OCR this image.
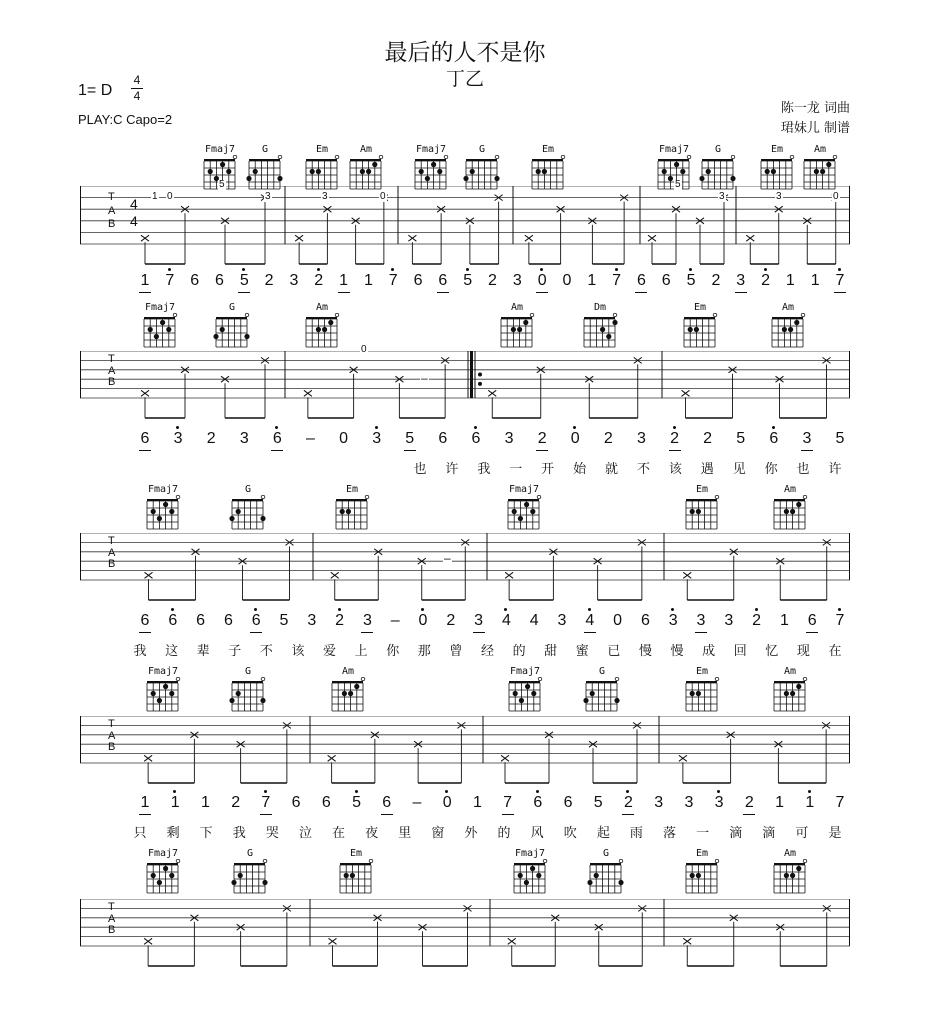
最后的人不是你
丁乙
1= D
4
4
PLAY:C Capo=2
陈一龙 词曲
珺妹儿 制谱
Fmaj7	G	Em	Am	Fmaj7	G	Em	Fmaj7	G	Em	Am
T
A
B
4
4
1 0
5
3	3	0
5
3	3	0
1 7 6 6 5 2 3 2 1 1 7 6 6 5 2 3 0 0 1 7 6 6 5 2 3 2 1 1 7
Fmaj7	G	Am	Am	Dm	Em	Am
T
A
B
0
–
6 3 2 3 6 – 0 3 5 6 6 3 2 0 2 3 2 2 5 6 3 5
也 许 我 一 开 始 就 不 该 遇 见 你 也 许
Fmaj7	G	Em	Fmaj7	Em	Am
T
A
B	–
6 6 6 6 6 5 3 2 3 – 0 2 3 4 4 3 4 0 6 3 3 3 2 1 6 7
我 这 辈 子 不 该 爱 上 你 那 曾 经 的 甜 蜜 已 慢 慢 成 回 忆 现 在
Fmaj7	G	Am	Fmaj7	G	Em	Am
T
A
B
1 1 1 2 7 6 6 5 6 – 0 1 7 6 6 5 2 3 3 3 2 1 1 7
只 剩 下 我 哭 泣 在 夜 里 窗 外 的 风 吹 起 雨 落 一 滴 滴 可 是
Fmaj7	G	Em	Fmaj7	G	Em	Am
T
A
B
